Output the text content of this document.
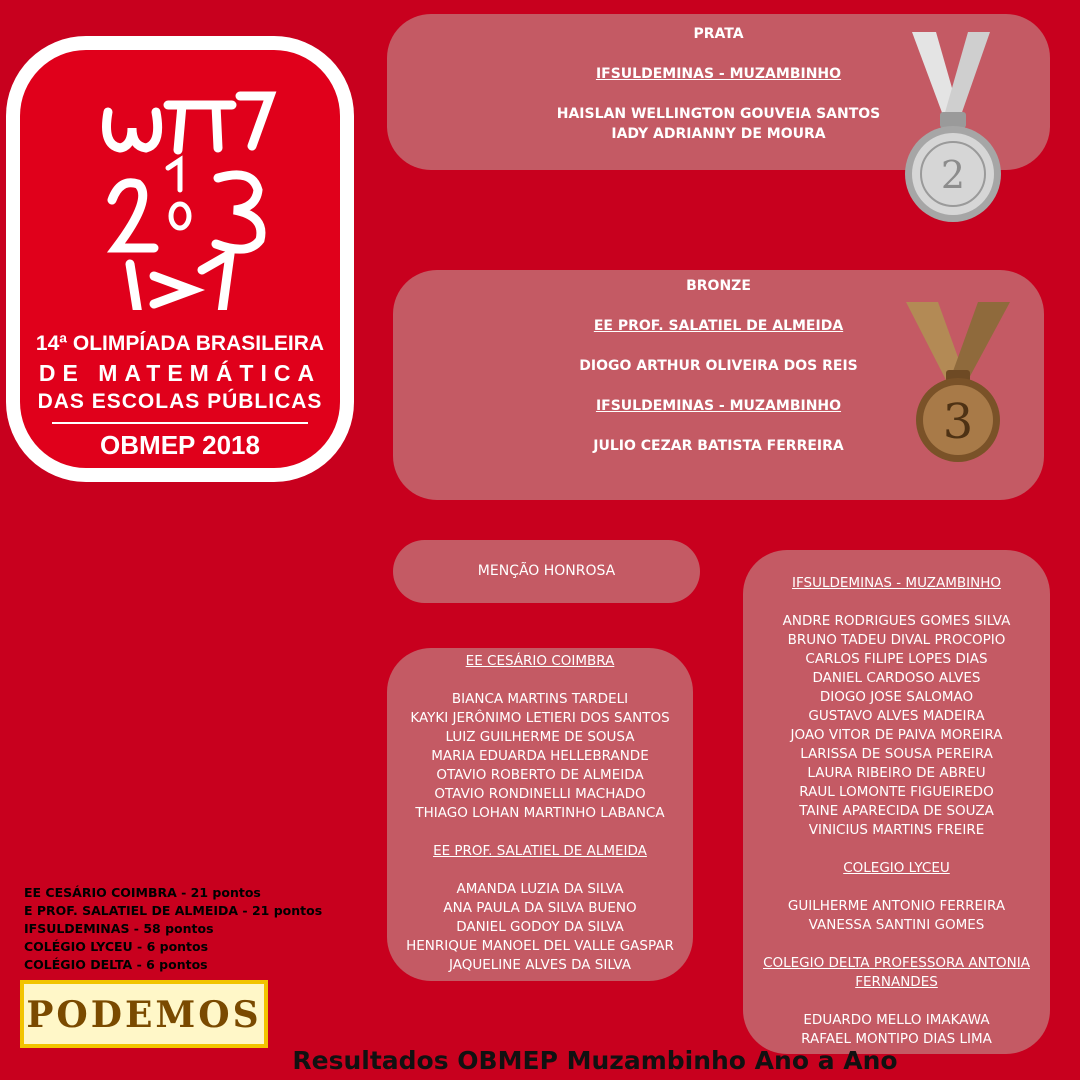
14ª OLIMPÍADA BRASILEIRA
DE MATEMÁTICA
DAS ESCOLAS PÚBLICAS
OBMEP 2018
PRATA
IFSULDEMINAS - MUZAMBINHO
HAISLAN WELLINGTON GOUVEIA SANTOS
IADY ADRIANNY DE MOURA
2
BRONZE
EE PROF. SALATIEL DE ALMEIDA
DIOGO ARTHUR OLIVEIRA DOS REIS
IFSULDEMINAS - MUZAMBINHO
JULIO CEZAR BATISTA FERREIRA	3
MENÇÃO HONROSA
EE CESÁRIO COIMBRA

BIANCA MARTINS TARDELI
KAYKI JERÔNIMO LETIERI DOS SANTOS
LUIZ GUILHERME DE SOUSA
MARIA EDUARDA HELLEBRANDE
OTAVIO ROBERTO DE ALMEIDA
OTAVIO RONDINELLI MACHADO
THIAGO LOHAN MARTINHO LABANCA

EE PROF. SALATIEL DE ALMEIDA

AMANDA LUZIA DA SILVA
ANA PAULA DA SILVA BUENO
DANIEL GODOY DA SILVA
HENRIQUE MANOEL DEL VALLE GASPAR
JAQUELINE ALVES DA SILVA
IFSULDEMINAS - MUZAMBINHO

ANDRE RODRIGUES GOMES SILVA
BRUNO TADEU DIVAL PROCOPIO
CARLOS FILIPE LOPES DIAS
DANIEL CARDOSO ALVES
DIOGO JOSE SALOMAO
GUSTAVO ALVES MADEIRA
JOAO VITOR DE PAIVA MOREIRA
LARISSA DE SOUSA PEREIRA
LAURA RIBEIRO DE ABREU
RAUL LOMONTE FIGUEIREDO
TAINE APARECIDA DE SOUZA
VINICIUS MARTINS FREIRE

COLEGIO LYCEU

GUILHERME ANTONIO FERREIRA
VANESSA SANTINI GOMES

COLEGIO DELTA PROFESSORA ANTONIA FERNANDES

EDUARDO MELLO IMAKAWA
RAFAEL MONTIPO DIAS LIMA
EE CESÁRIO COIMBRA - 21 pontos
E PROF. SALATIEL DE ALMEIDA - 21 pontos
IFSULDEMINAS - 58 pontos
COLÉGIO LYCEU - 6 pontos
COLÉGIO DELTA - 6 pontos
PODEMOS
Resultados OBMEP Muzambinho Ano a Ano
